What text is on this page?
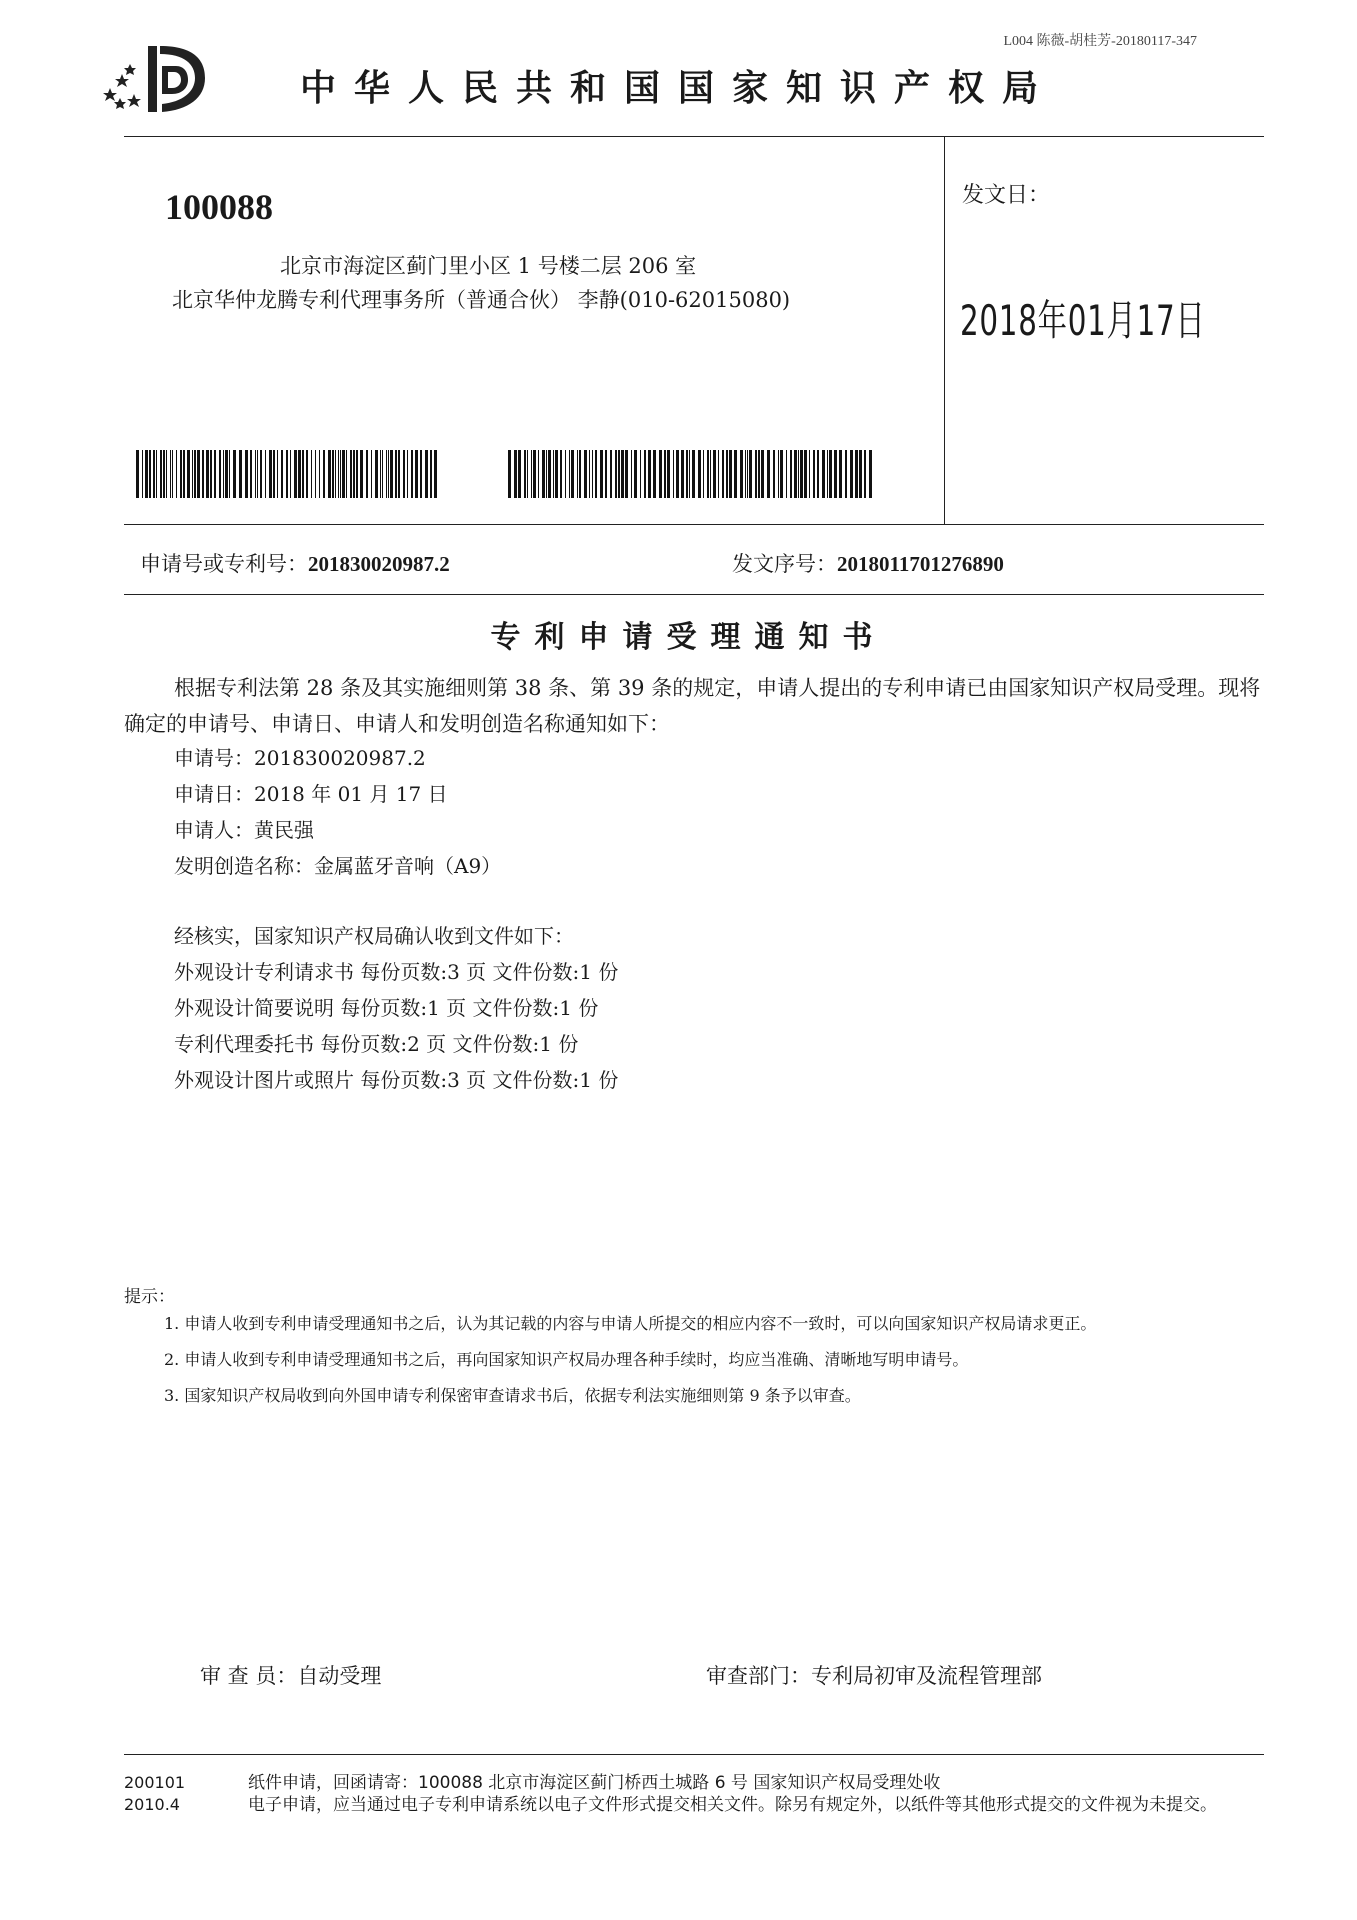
L004 陈薇-胡桂芳-20180117-347
中华人民共和国国家知识产权局
100088
北京市海淀区蓟门里小区 1 号楼二层 206 室
北京华仲龙腾专利代理事务所（普通合伙） 李静(010-62015080)
发文日：
2018年01月17日
申请号或专利号：201830020987.2	发文序号：2018011701276890
专利申请受理通知书
根据专利法第 28 条及其实施细则第 38 条、第 39 条的规定，申请人提出的专利申请已由国家知识产权局受理。现将确定的申请号、申请日、申请人和发明创造名称通知如下：
申请号：201830020987.2
申请日：2018 年 01 月 17 日
申请人：黄民强
发明创造名称：金属蓝牙音响（A9）
经核实，国家知识产权局确认收到文件如下：
外观设计专利请求书 每份页数:3 页 文件份数:1 份
外观设计简要说明 每份页数:1 页 文件份数:1 份
专利代理委托书 每份页数:2 页 文件份数:1 份
外观设计图片或照片 每份页数:3 页 文件份数:1 份
提示：

1. 申请人收到专利申请受理通知书之后，认为其记载的内容与申请人所提交的相应内容不一致时，可以向国家知识产权局请求更正。

2. 申请人收到专利申请受理通知书之后，再向国家知识产权局办理各种手续时，均应当准确、清晰地写明申请号。

3. 国家知识产权局收到向外国申请专利保密审查请求书后，依据专利法实施细则第 9 条予以审查。

审 查 员：自动受理	审查部门：专利局初审及流程管理部
200101
2010.4
纸件申请，回函请寄：100088 北京市海淀区蓟门桥西土城路 6 号 国家知识产权局受理处收
电子申请，应当通过电子专利申请系统以电子文件形式提交相关文件。除另有规定外，以纸件等其他形式提交的文件视为未提交。
